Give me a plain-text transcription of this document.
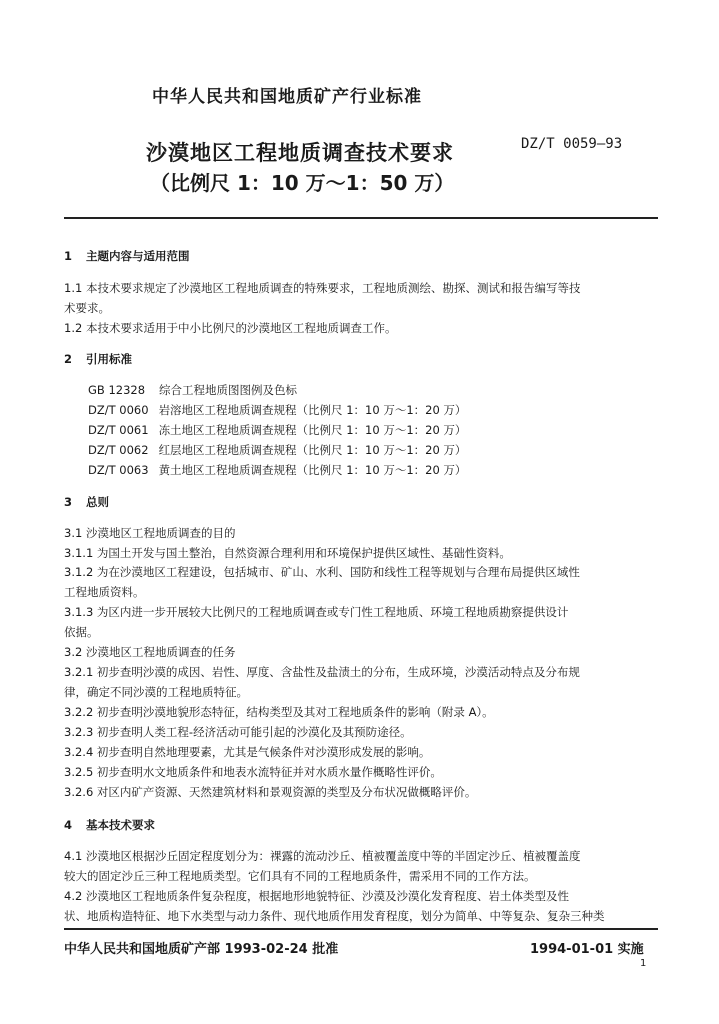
中华人民共和国地质矿产行业标准
沙漠地区工程地质调查技术要求	DZ/T 0059—93
（比例尺 1：10 万～1：50 万）
1 主题内容与适用范围
1.1 本技术要求规定了沙漠地区工程地质调查的特殊要求，工程地质测绘、勘探、测试和报告编写等技
术要求。
1.2 本技术要求适用于中小比例尺的沙漠地区工程地质调查工作。
2 引用标准
GB 12328 综合工程地质图图例及色标
DZ/T 0060 岩溶地区工程地质调查规程（比例尺 1：10 万～1：20 万）
DZ/T 0061 冻土地区工程地质调查规程（比例尺 1：10 万～1：20 万）
DZ/T 0062 红层地区工程地质调查规程（比例尺 1：10 万～1：20 万）
DZ/T 0063 黄土地区工程地质调查规程（比例尺 1：10 万～1：20 万）
3 总则
3.1 沙漠地区工程地质调查的目的
3.1.1 为国土开发与国土整治，自然资源合理利用和环境保护提供区域性、基础性资料。
3.1.2 为在沙漠地区工程建设，包括城市、矿山、水利、国防和线性工程等规划与合理布局提供区域性
工程地质资料。
3.1.3 为区内进一步开展较大比例尺的工程地质调查或专门性工程地质、环境工程地质勘察提供设计
依据。
3.2 沙漠地区工程地质调查的任务
3.2.1 初步查明沙漠的成因、岩性、厚度、含盐性及盐渍土的分布，生成环境，沙漠活动特点及分布规
律，确定不同沙漠的工程地质特征。
3.2.2 初步查明沙漠地貌形态特征，结构类型及其对工程地质条件的影响（附录 A）。
3.2.3 初步查明人类工程-经济活动可能引起的沙漠化及其预防途径。
3.2.4 初步查明自然地理要素，尤其是气候条件对沙漠形成发展的影响。
3.2.5 初步查明水文地质条件和地表水流特征并对水质水量作概略性评价。
3.2.6 对区内矿产资源、天然建筑材料和景观资源的类型及分布状况做概略评价。
4 基本技术要求
4.1 沙漠地区根据沙丘固定程度划分为：裸露的流动沙丘、植被覆盖度中等的半固定沙丘、植被覆盖度
较大的固定沙丘三种工程地质类型。它们具有不同的工程地质条件，需采用不同的工作方法。
4.2 沙漠地区工程地质条件复杂程度，根据地形地貌特征、沙漠及沙漠化发育程度、岩土体类型及性
状、地质构造特征、地下水类型与动力条件、现代地质作用发育程度，划分为简单、中等复杂、复杂三种类
中华人民共和国地质矿产部 1993-02-24 批准	1994-01-01 实施
1
